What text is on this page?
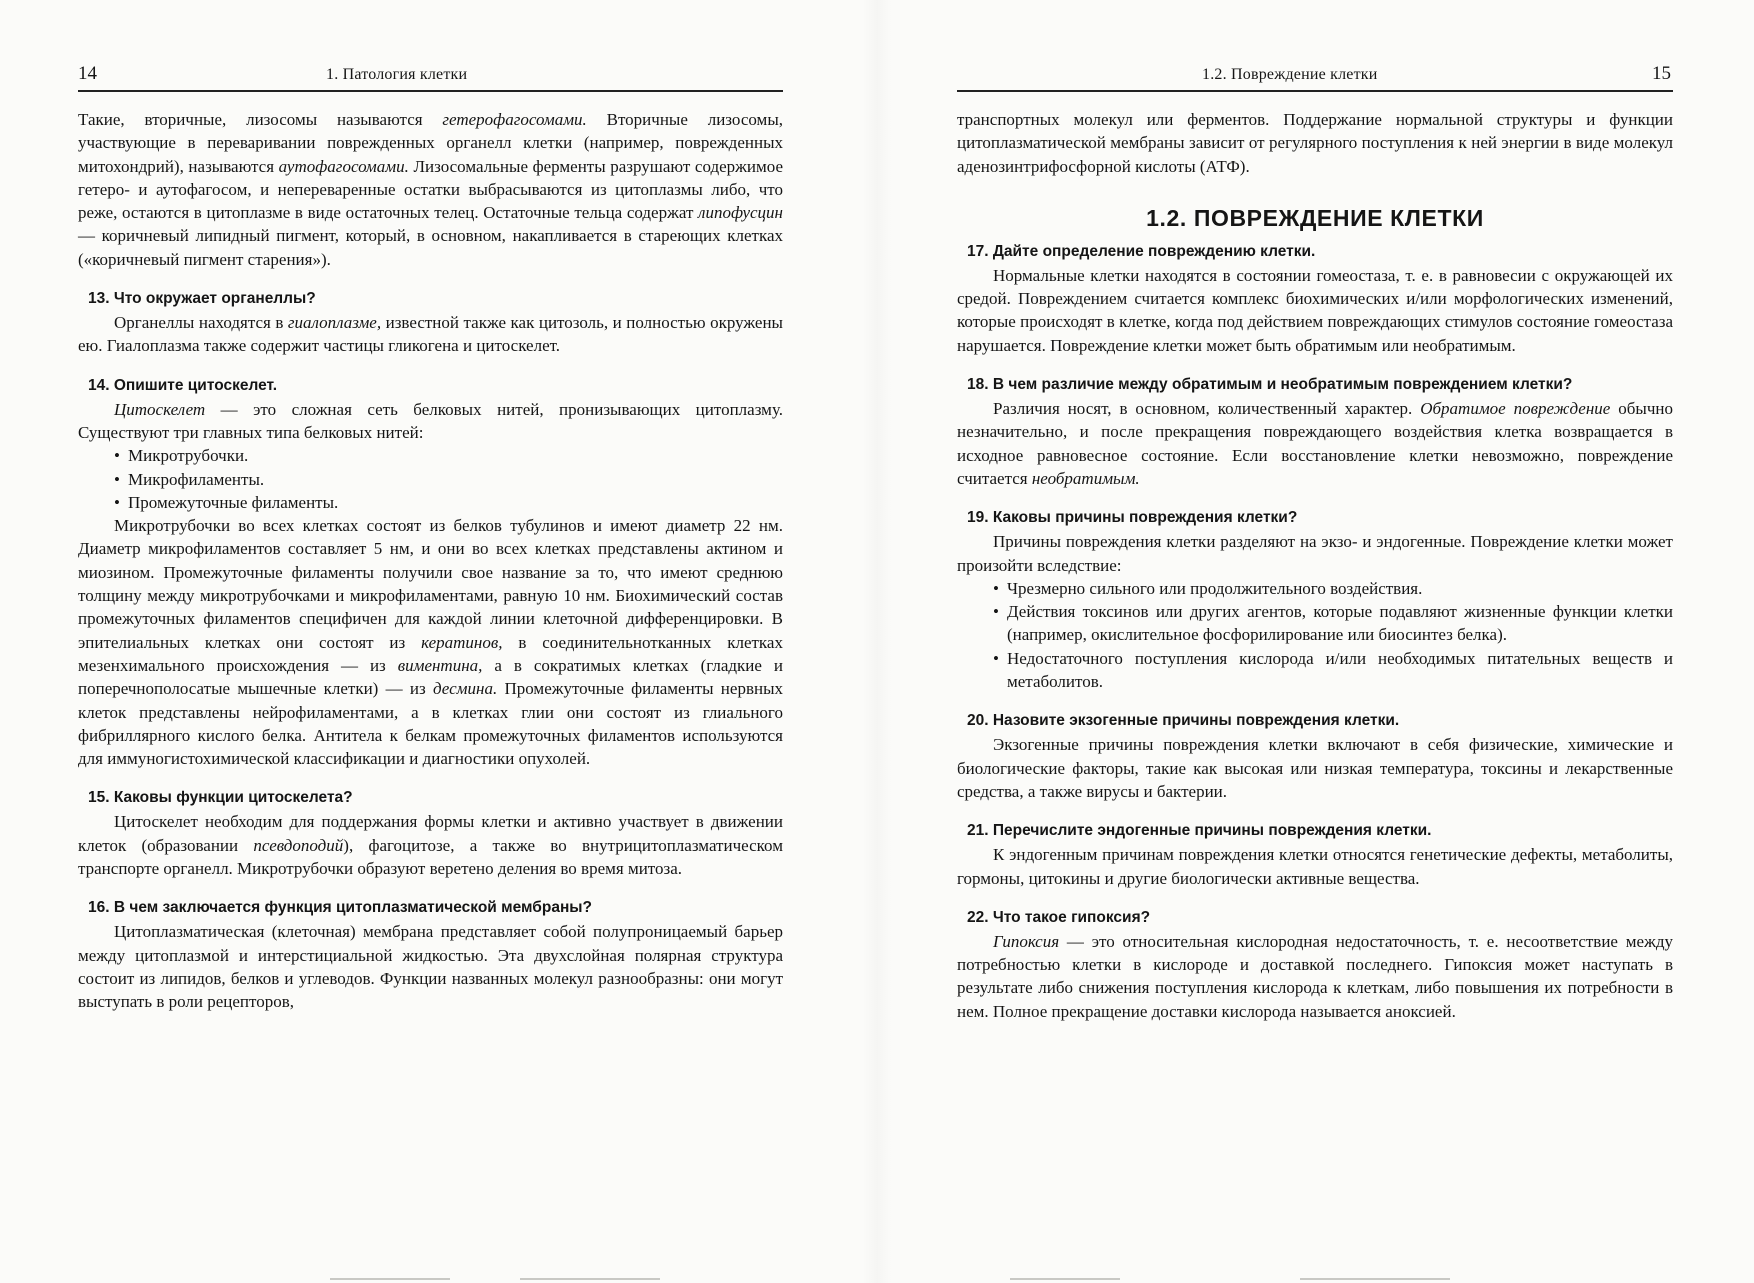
14	1. Патология клетки

Такие, вторичные, лизосомы называются гетерофагосомами. Вторичные лизосомы, участвующие в переваривании поврежденных органелл клетки (например, поврежденных митохондрий), называются аутофагосомами. Лизосомальные ферменты разрушают содержимое гетеро- и аутофагосом, и непереваренные остатки выбрасываются из цитоплазмы либо, что реже, остаются в цитоплазме в виде остаточных телец. Остаточные тельца содержат липофусцин — коричневый липидный пигмент, который, в основном, накапливается в стареющих клетках («коричневый пигмент старения»).

13. Что окружает органеллы?

Органеллы находятся в гиалоплазме, известной также как цитозоль, и полностью окружены ею. Гиалоплазма также содержит частицы гликогена и цитоскелет.

14. Опишите цитоскелет.

Цитоскелет — это сложная сеть белковых нитей, пронизывающих цитоплазму. Существуют три главных типа белковых нитей:

• Микротрубочки.
• Микрофиламенты.
• Промежуточные филаменты.

Микротрубочки во всех клетках состоят из белков тубулинов и имеют диаметр 22 нм. Диаметр микрофиламентов составляет 5 нм, и они во всех клетках представлены актином и миозином. Промежуточные филаменты получили свое название за то, что имеют среднюю толщину между микротрубочками и микрофиламентами, равную 10 нм. Биохимический состав промежуточных филаментов специфичен для каждой линии клеточной дифференцировки. В эпителиальных клетках они состоят из кератинов, в соединительнотканных клетках мезенхимального происхождения — из виментина, а в сократимых клетках (гладкие и поперечнополосатые мышечные клетки) — из десмина. Промежуточные филаменты нервных клеток представлены нейрофиламентами, а в клетках глии они состоят из глиального фибриллярного кислого белка. Антитела к белкам промежуточных филаментов используются для иммуногистохимической классификации и диагностики опухолей.

15. Каковы функции цитоскелета?

Цитоскелет необходим для поддержания формы клетки и активно участвует в движении клеток (образовании псевдоподий), фагоцитозе, а также во внутрицитоплазматическом транспорте органелл. Микротрубочки образуют веретено деления во время митоза.

16. В чем заключается функция цитоплазматической мембраны?

Цитоплазматическая (клеточная) мембрана представляет собой полупроницаемый барьер между цитоплазмой и интерстициальной жидкостью. Эта двухслойная полярная структура состоит из липидов, белков и углеводов. Функции названных молекул разнообразны: они могут выступать в роли рецепторов,

1.2. Повреждение клетки	15

транспортных молекул или ферментов. Поддержание нормальной структуры и функции цитоплазматической мембраны зависит от регулярного поступления к ней энергии в виде молекул аденозинтрифосфорной кислоты (АТФ).

1.2. ПОВРЕЖДЕНИЕ КЛЕТКИ
17. Дайте определение повреждению клетки.

Нормальные клетки находятся в состоянии гомеостаза, т. е. в равновесии с окружающей их средой. Повреждением считается комплекс биохимических и/или морфологических изменений, которые происходят в клетке, когда под действием повреждающих стимулов состояние гомеостаза нарушается. Повреждение клетки может быть обратимым или необратимым.

18. В чем различие между обратимым и необратимым повреждением клетки?

Различия носят, в основном, количественный характер. Обратимое повреждение обычно незначительно, и после прекращения повреждающего воздействия клетка возвращается в исходное равновесное состояние. Если восстановление клетки невозможно, повреждение считается необратимым.

19. Каковы причины повреждения клетки?

Причины повреждения клетки разделяют на экзо- и эндогенные. Повреждение клетки может произойти вследствие:

• Чрезмерно сильного или продолжительного воздействия.
• Действия токсинов или других агентов, которые подавляют жизненные функции клетки (например, окислительное фосфорилирование или биосинтез белка).
• Недостаточного поступления кислорода и/или необходимых питательных веществ и метаболитов.
20. Назовите экзогенные причины повреждения клетки.

Экзогенные причины повреждения клетки включают в себя физические, химические и биологические факторы, такие как высокая или низкая температура, токсины и лекарственные средства, а также вирусы и бактерии.

21. Перечислите эндогенные причины повреждения клетки.

К эндогенным причинам повреждения клетки относятся генетические дефекты, метаболиты, гормоны, цитокины и другие биологически активные вещества.

22. Что такое гипоксия?

Гипоксия — это относительная кислородная недостаточность, т. е. несоответствие между потребностью клетки в кислороде и доставкой последнего. Гипоксия может наступать в результате либо снижения поступления кислорода к клеткам, либо повышения их потребности в нем. Полное прекращение доставки кислорода называется аноксией.
